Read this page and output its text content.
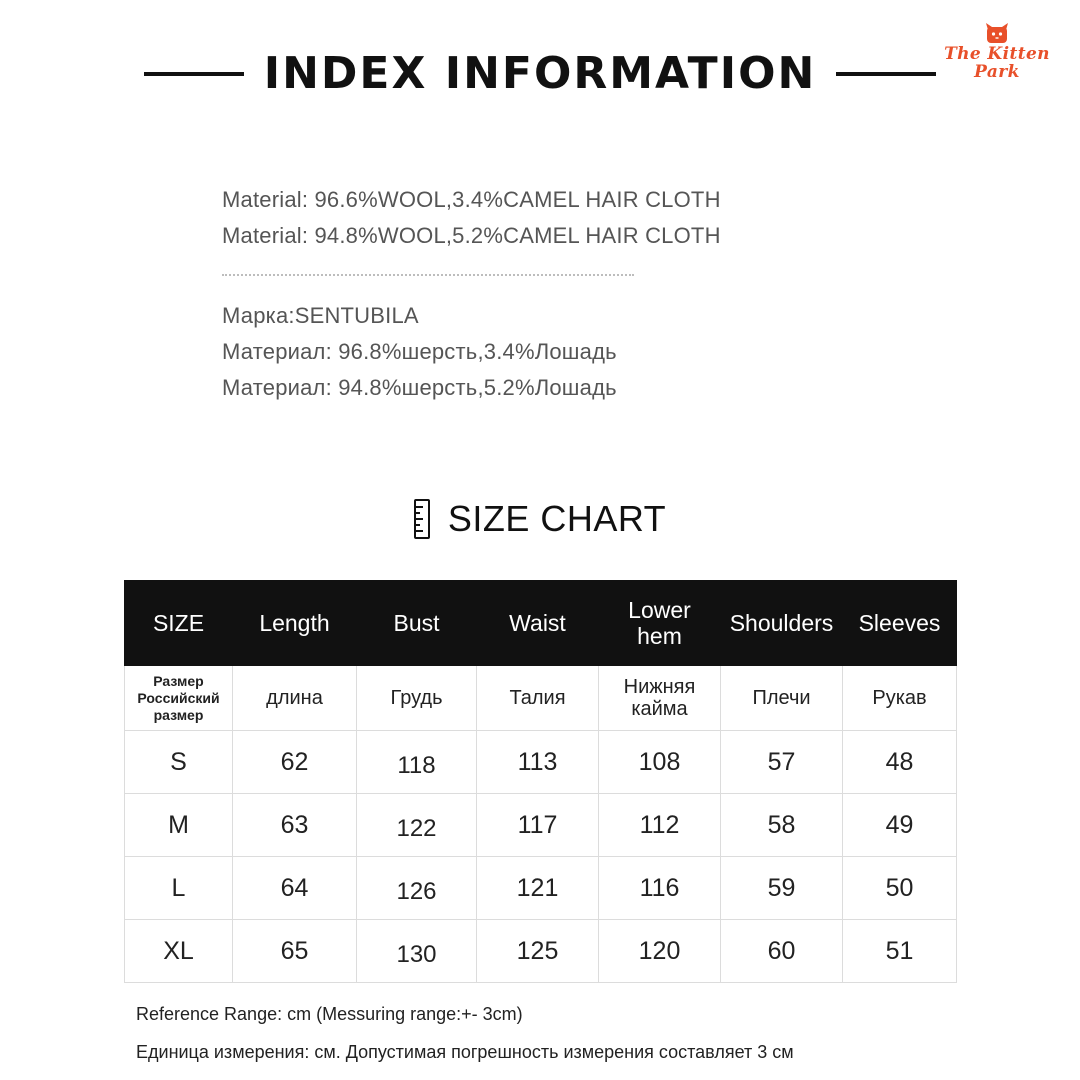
The Kitten Park
INDEX INFORMATION
Material: 96.6%WOOL,3.4%CAMEL HAIR CLOTH
Material: 94.8%WOOL,5.2%CAMEL HAIR CLOTH
Марка:SENTUBILA
Материал: 96.8%шерсть,3.4%Лошадь
Материал: 94.8%шерсть,5.2%Лошадь
SIZE CHART
SIZE	Length	Bust	Waist	Lower hem	Shoulders	Sleeves
Размер Российский размер	длина	Грудь	Талия	Нижняя кайма	Плечи	Рукав
S	62	118	113	108	57	48
M	63	122	117	112	58	49
L	64	126	121	116	59	50
XL	65	130	125	120	60	51
Reference Range: cm (Messuring range:+- 3cm)
Единица измерения: см. Допустимая погрешность измерения составляет 3 см
